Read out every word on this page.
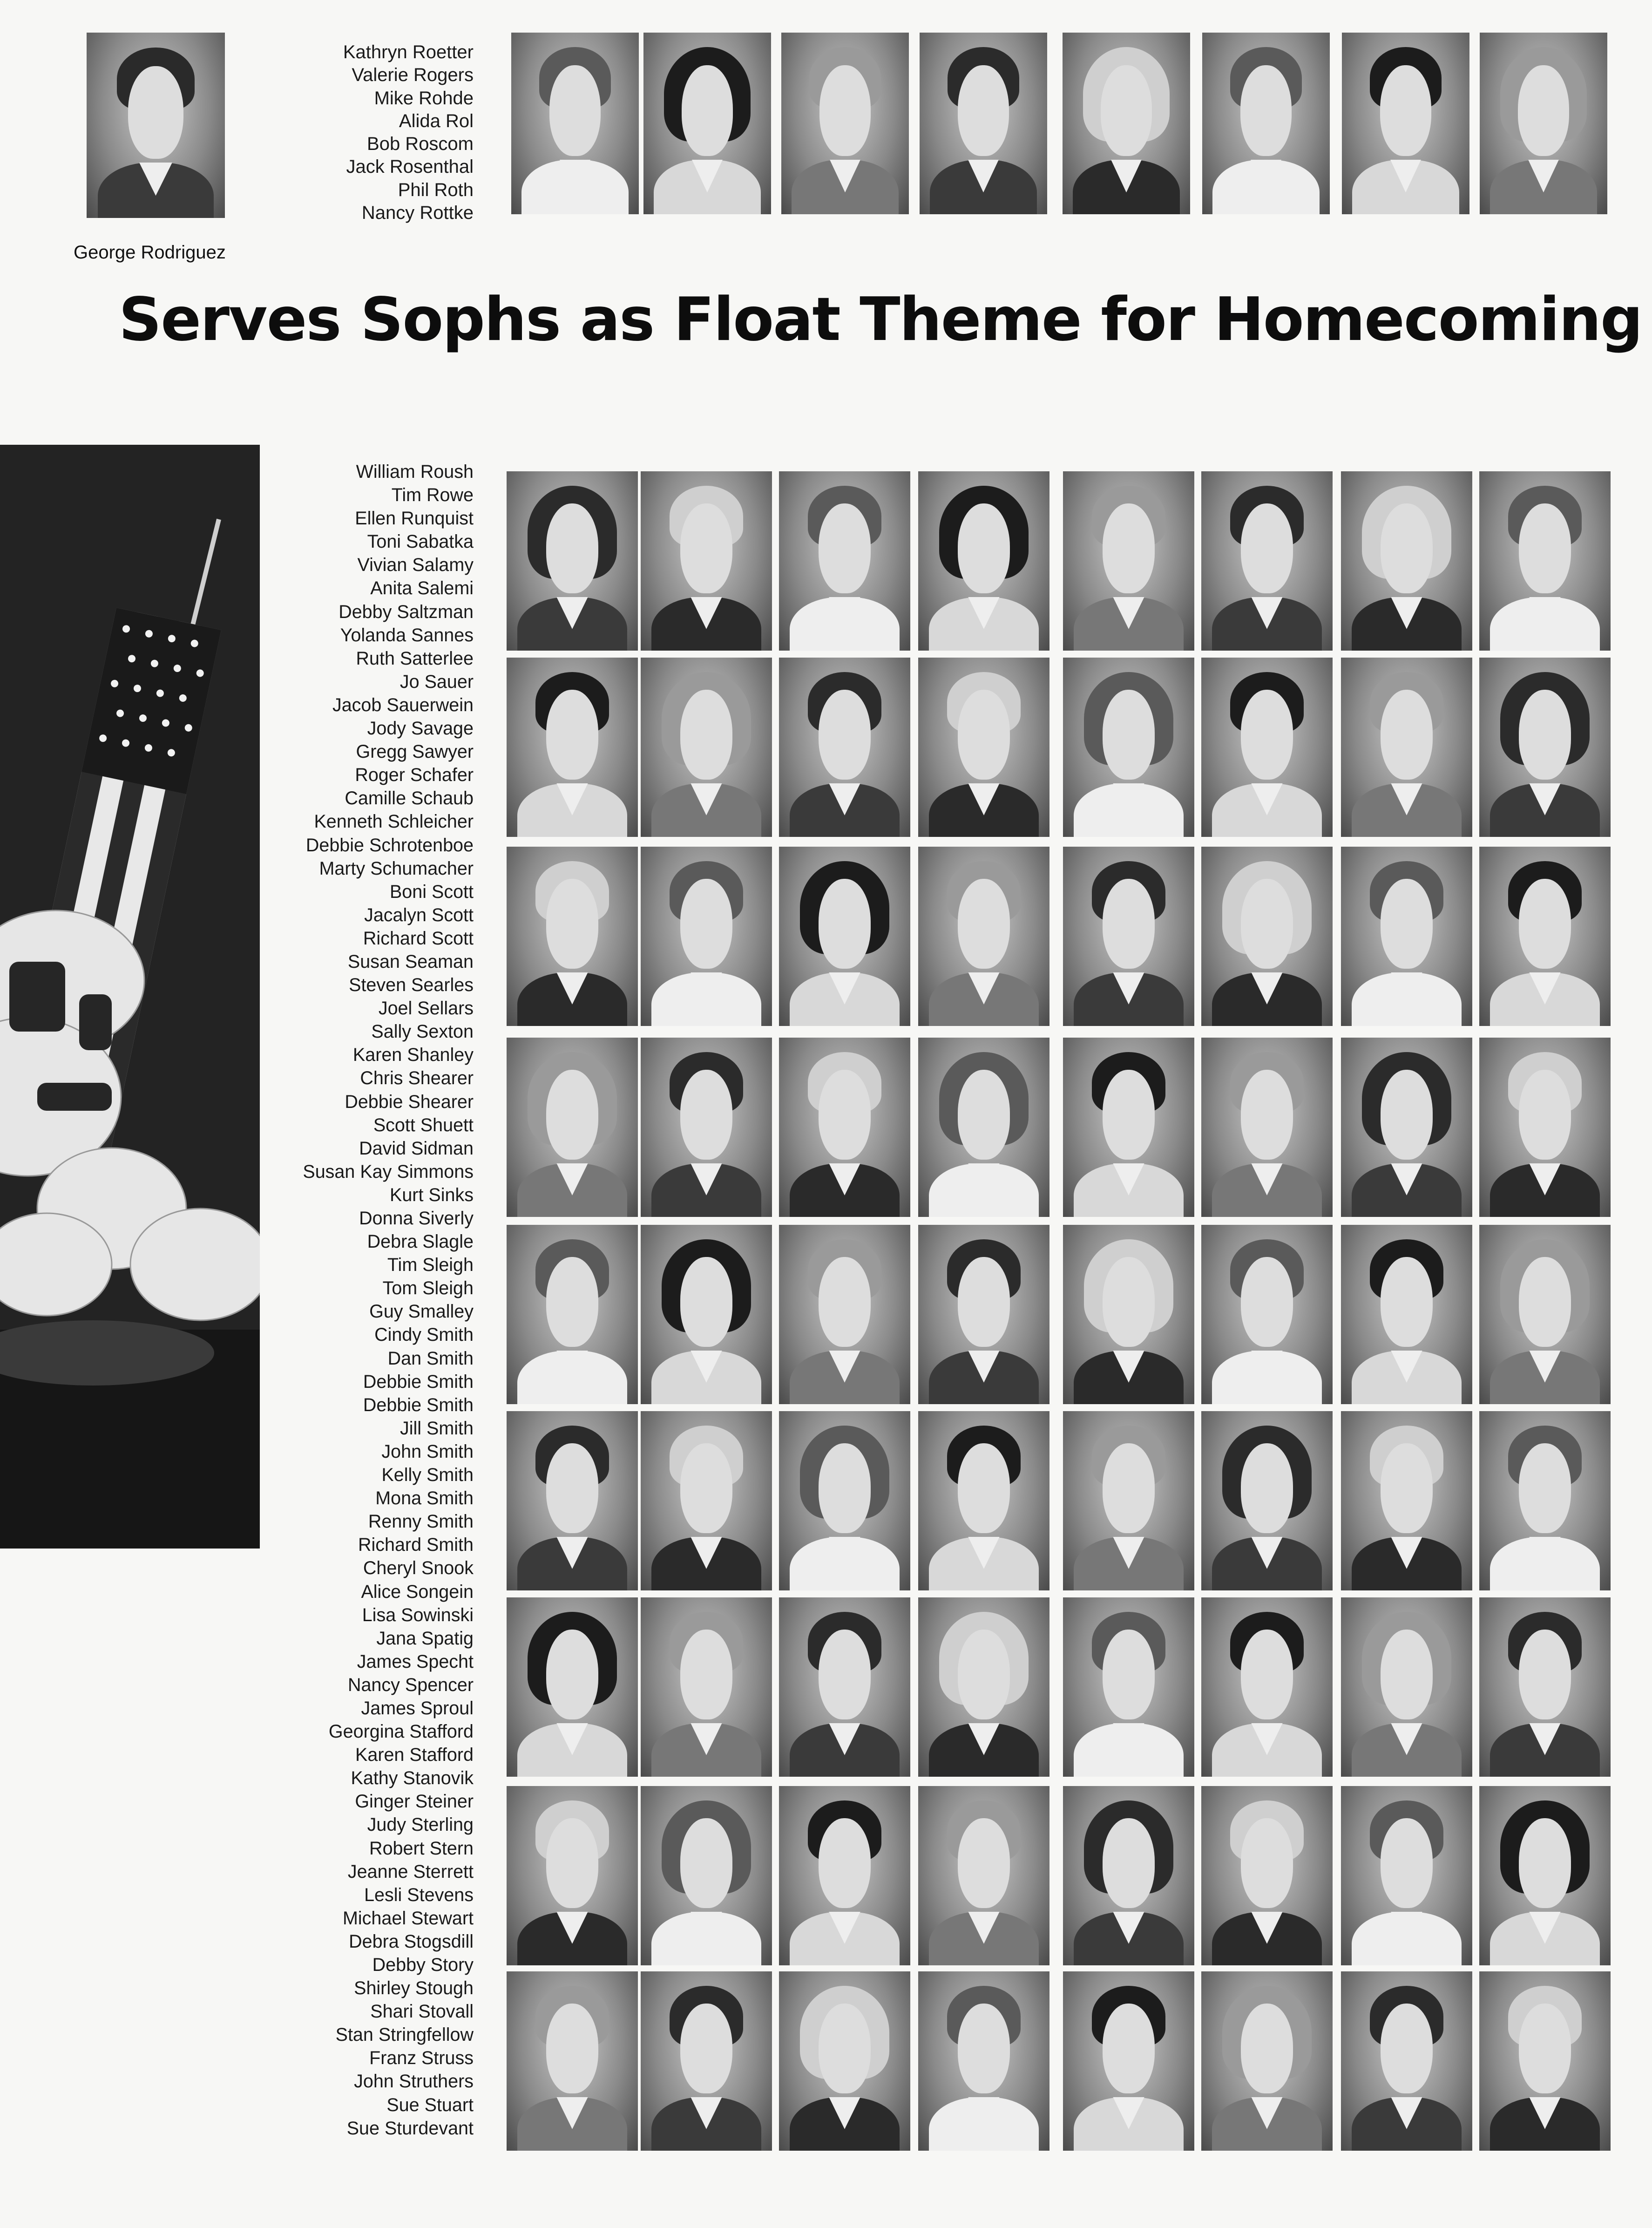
George Rodriguez
Kathryn Roetter
Valerie Rogers
Mike Rohde
Alida Rol
Bob Roscom
Jack Rosenthal
Phil Roth
Nancy Rottke
Serves Sophs as Float Theme for Homecoming
William Roush
Tim Rowe
Ellen Runquist
Toni Sabatka
Vivian Salamy
Anita Salemi
Debby Saltzman
Yolanda Sannes
Ruth Satterlee
Jo Sauer
Jacob Sauerwein
Jody Savage
Gregg Sawyer
Roger Schafer
Camille Schaub
Kenneth Schleicher
Debbie Schrotenboe
Marty Schumacher
Boni Scott
Jacalyn Scott
Richard Scott
Susan Seaman
Steven Searles
Joel Sellars
Sally Sexton
Karen Shanley
Chris Shearer
Debbie Shearer
Scott Shuett
David Sidman
Susan Kay Simmons
Kurt Sinks
Donna Siverly
Debra Slagle
Tim Sleigh
Tom Sleigh
Guy Smalley
Cindy Smith
Dan Smith
Debbie Smith
Debbie Smith
Jill Smith
John Smith
Kelly Smith
Mona Smith
Renny Smith
Richard Smith
Cheryl Snook
Alice Songein
Lisa Sowinski
Jana Spatig
James Specht
Nancy Spencer
James Sproul
Georgina Stafford
Karen Stafford
Kathy Stanovik
Ginger Steiner
Judy Sterling
Robert Stern
Jeanne Sterrett
Lesli Stevens
Michael Stewart
Debra Stogsdill
Debby Story
Shirley Stough
Shari Stovall
Stan Stringfellow
Franz Struss
John Struthers
Sue Stuart
Sue Sturdevant
